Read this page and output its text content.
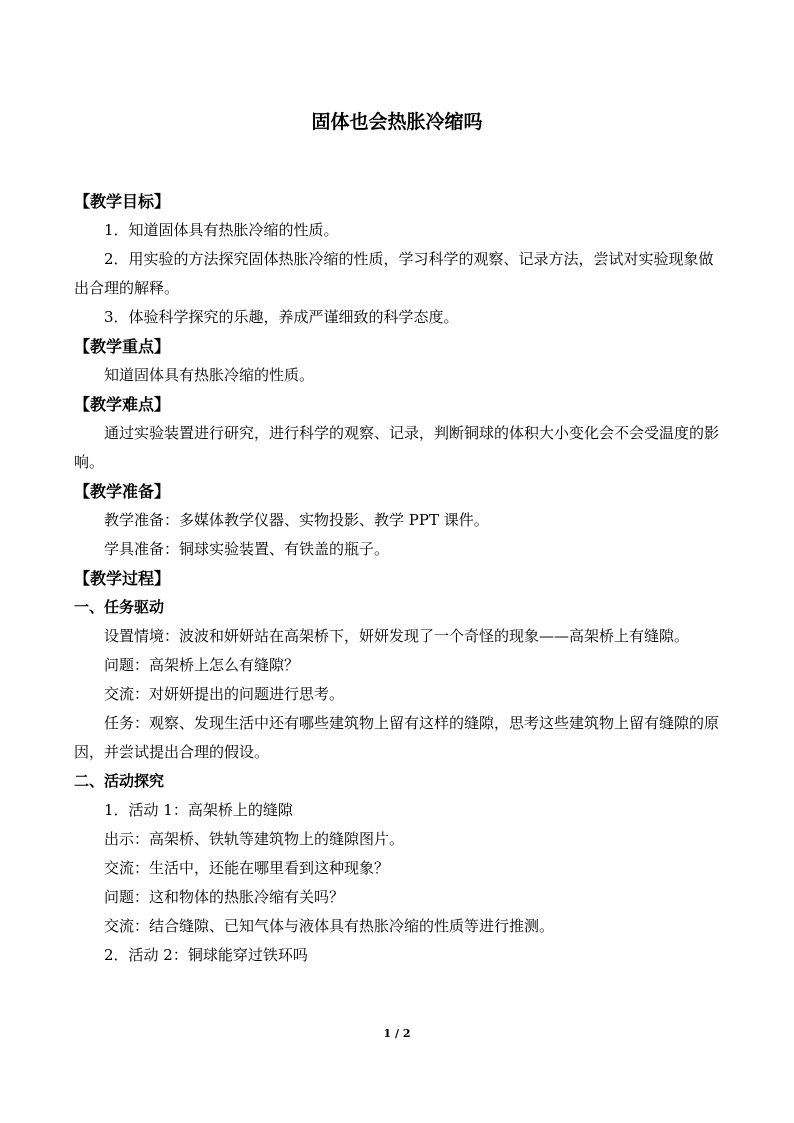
固体也会热胀冷缩吗

【教学目标】

1．知道固体具有热胀冷缩的性质。

2．用实验的方法探究固体热胀冷缩的性质，学习科学的观察、记录方法，尝试对实验现象做出合理的解释。

3．体验科学探究的乐趣，养成严谨细致的科学态度。

【教学重点】

知道固体具有热胀冷缩的性质。

【教学难点】

通过实验装置进行研究，进行科学的观察、记录，判断铜球的体积大小变化会不会受温度的影响。

【教学准备】

教学准备：多媒体教学仪器、实物投影、教学 PPT 课件。

学具准备：铜球实验装置、有铁盖的瓶子。

【教学过程】

一、任务驱动

设置情境：波波和妍妍站在高架桥下，妍妍发现了一个奇怪的现象——高架桥上有缝隙。

问题：高架桥上怎么有缝隙？

交流：对妍妍提出的问题进行思考。

任务：观察、发现生活中还有哪些建筑物上留有这样的缝隙，思考这些建筑物上留有缝隙的原因，并尝试提出合理的假设。

二、活动探究

1．活动 1：高架桥上的缝隙

出示：高架桥、铁轨等建筑物上的缝隙图片。

交流：生活中，还能在哪里看到这种现象？

问题：这和物体的热胀冷缩有关吗？

交流：结合缝隙、已知气体与液体具有热胀冷缩的性质等进行推测。

2．活动 2：铜球能穿过铁环吗

1 / 2
